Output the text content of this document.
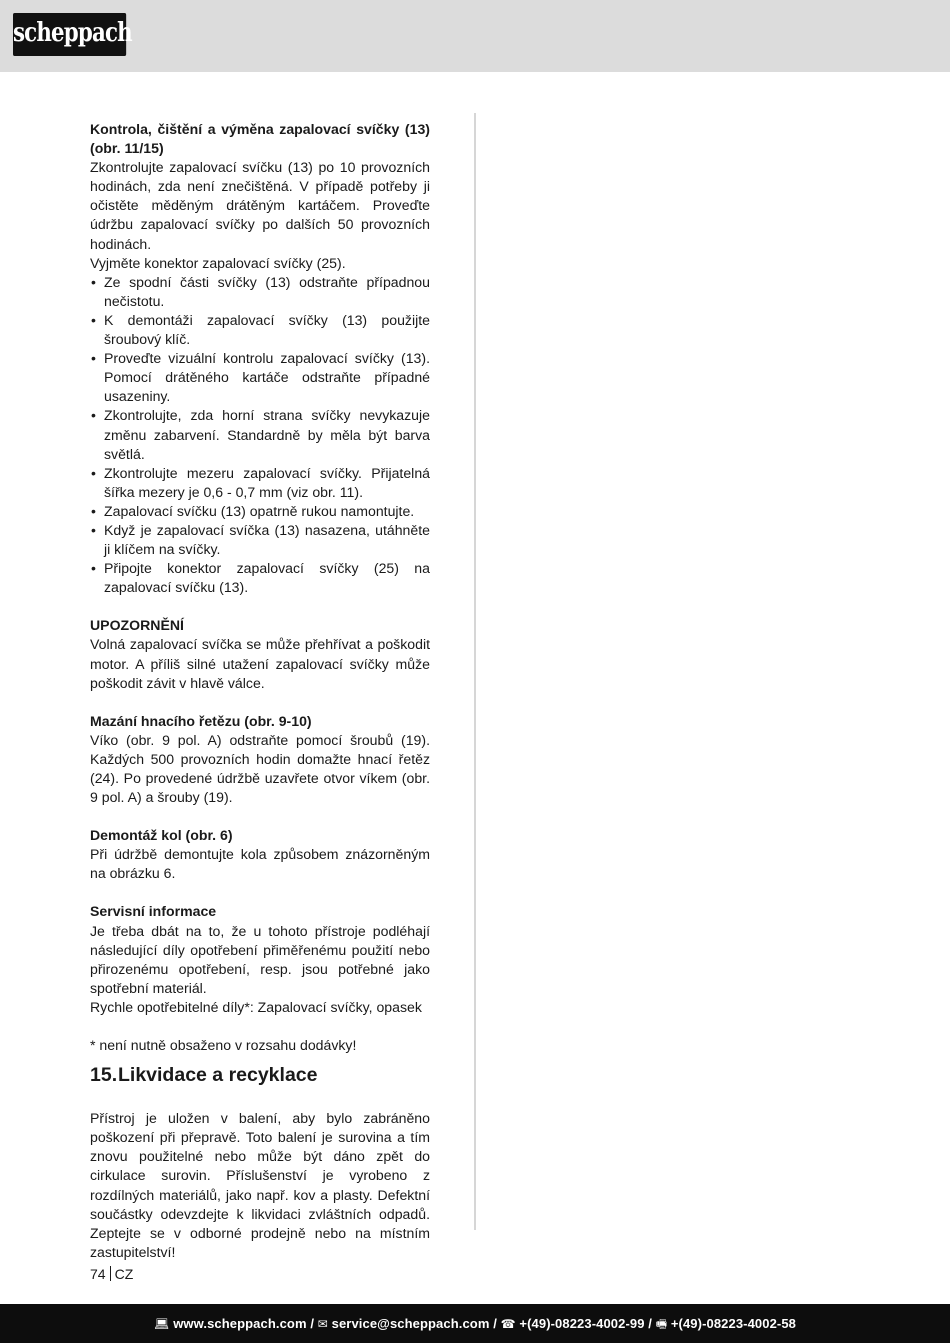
scheppach

Kontrola, čištění a výměna zapalovací svíčky (13) (obr. 11/15)

Zkontrolujte zapalovací svíčku (13) po 10 provozních hodinách, zda není znečištěná. V případě potřeby ji očistěte měděným drátěným kartáčem. Proveďte údržbu zapalovací svíčky po dalších 50 provozních hodinách.

Vyjměte konektor zapalovací svíčky (25).

• Ze spodní části svíčky (13) odstraňte případnou nečistotu.
• K demontáži zapalovací svíčky (13) použijte šroubový klíč.
• Proveďte vizuální kontrolu zapalovací svíčky (13). Pomocí drátěného kartáče odstraňte případné usazeniny.
• Zkontrolujte, zda horní strana svíčky nevykazuje změnu zabarvení. Standardně by měla být barva světlá.
• Zkontrolujte mezeru zapalovací svíčky. Přijatelná šířka mezery je 0,6 - 0,7 mm (viz obr. 11).
• Zapalovací svíčku (13) opatrně rukou namontujte.
• Když je zapalovací svíčka (13) nasazena, utáhněte ji klíčem na svíčky.
• Připojte konektor zapalovací svíčky (25) na zapalovací svíčku (13).

UPOZORNĚNÍ

Volná zapalovací svíčka se může přehřívat a poškodit motor. A příliš silné utažení zapalovací svíčky může poškodit závit v hlavě válce.

Mazání hnacího řetězu (obr. 9-10)

Víko (obr. 9 pol. A) odstraňte pomocí šroubů (19). Každých 500 provozních hodin domažte hnací řetěz (24). Po provedené údržbě uzavřete otvor víkem (obr. 9 pol. A) a šrouby (19).

Demontáž kol (obr. 6)

Při údržbě demontujte kola způsobem znázorněným na obrázku 6.

Servisní informace

Je třeba dbát na to, že u tohoto přístroje podléhají následující díly opotřebení přiměřenému použití nebo přirozenému opotřebení, resp. jsou potřebné jako spotřební materiál.

Rychle opotřebitelné díly*: Zapalovací svíčky, opasek

* není nutně obsaženo v rozsahu dodávky!

15. Likvidace a recyklace

Přístroj je uložen v balení, aby bylo zabráněno poškození při přepravě. Toto balení je surovina a tím znovu použitelné nebo může být dáno zpět do cirkulace surovin. Příslušenství je vyrobeno z rozdílných materiálů, jako např. kov a plasty. Defektní součástky odevzdejte k likvidaci zvláštních odpadů. Zeptejte se v odborné prodejně nebo na místním zastupitelství!

74 CZ
💻︎ www.scheppach.com / ✉ service@scheppach.com / ☎ +(49)-08223-4002-99 / 🖷︎ +(49)-08223-4002-58
